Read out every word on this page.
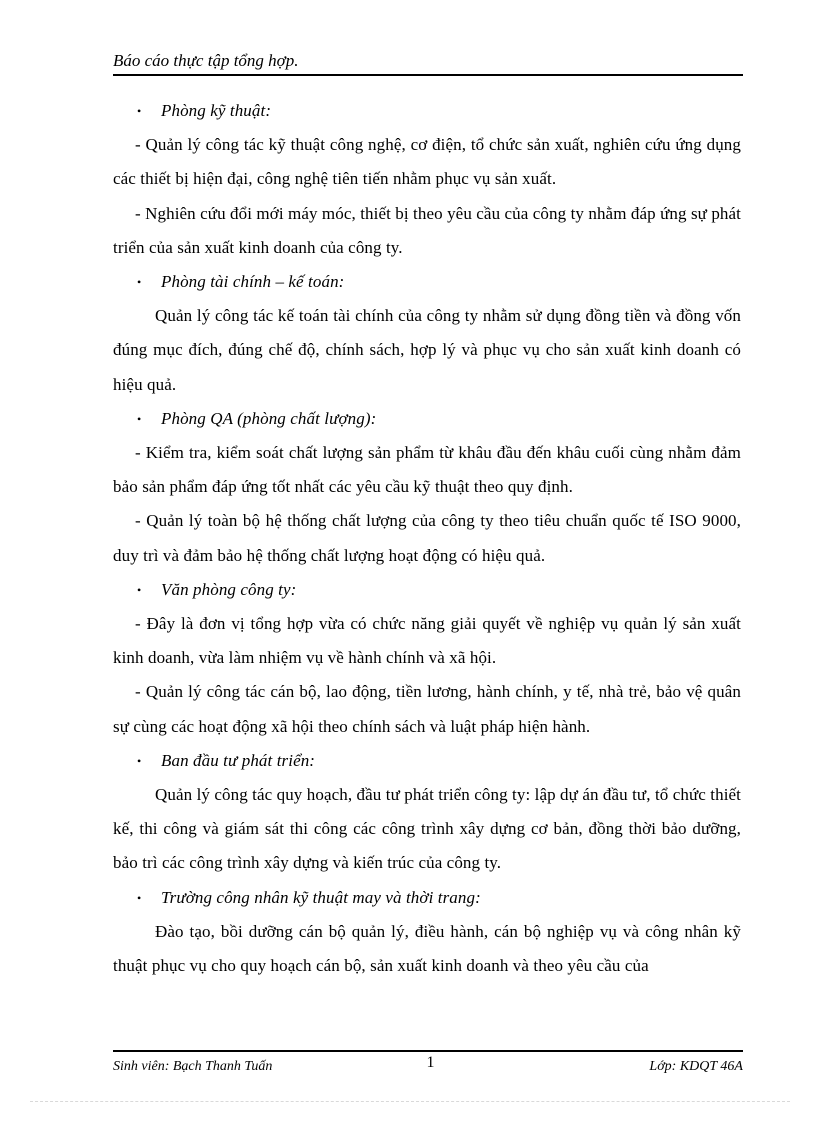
Báo cáo thực tập tổng hợp.

• Phòng kỹ thuật:

- Quản lý công tác kỹ thuật công nghệ, cơ điện, tổ chức sản xuất, nghiên cứu ứng dụng các thiết bị hiện đại, công nghệ tiên tiến nhằm phục vụ sản xuất.

- Nghiên cứu đổi mới máy móc, thiết bị theo yêu cầu của công ty nhằm đáp ứng sự phát triển của sản xuất kinh doanh của công ty.

• Phòng tài chính – kế toán:

Quản lý công tác kế toán tài chính của công ty nhằm sử dụng đồng tiền và đồng vốn đúng mục đích, đúng chế độ, chính sách, hợp lý và phục vụ cho sản xuất kinh doanh có hiệu quả.

• Phòng QA (phòng chất lượng):

- Kiểm tra, kiểm soát chất lượng sản phẩm từ khâu đầu đến khâu cuối cùng nhằm đảm bảo sản phẩm đáp ứng tốt nhất các yêu cầu kỹ thuật theo quy định.

- Quản lý toàn bộ hệ thống chất lượng của công ty theo tiêu chuẩn quốc tế ISO 9000, duy trì và đảm bảo hệ thống chất lượng hoạt động có hiệu quả.

• Văn phòng công ty:

- Đây là đơn vị tổng hợp vừa có chức năng giải quyết về nghiệp vụ quản lý sản xuất kinh doanh, vừa làm nhiệm vụ về hành chính và xã hội.

- Quản lý công tác cán bộ, lao động, tiền lương, hành chính, y tế, nhà trẻ, bảo vệ quân sự cùng các hoạt động xã hội theo chính sách và luật pháp hiện hành.

• Ban đầu tư phát triển:

Quản lý công tác quy hoạch, đầu tư phát triển công ty: lập dự án đầu tư, tổ chức thiết kế, thi công và giám sát thi công các công trình xây dựng cơ bản, đồng thời bảo dưỡng, bảo trì các công trình xây dựng và kiến trúc của công ty.

• Trường công nhân kỹ thuật may và thời trang:

Đào tạo, bồi dưỡng cán bộ quản lý, điều hành, cán bộ nghiệp vụ và công nhân kỹ thuật phục vụ cho quy hoạch cán bộ, sản xuất kinh doanh và theo yêu cầu của

Sinh viên: Bạch Thanh Tuấn	1	Lớp: KDQT 46A
